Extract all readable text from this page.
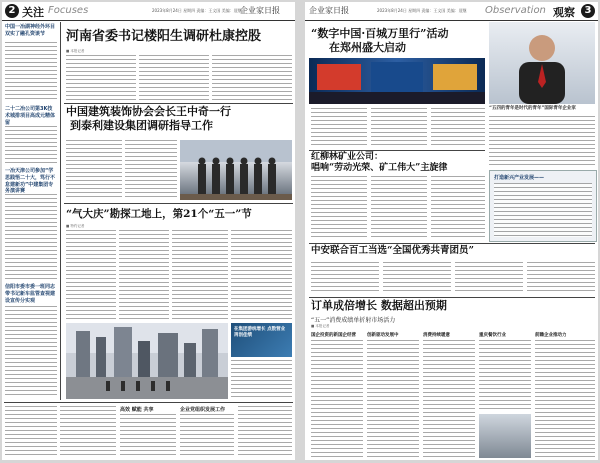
2 关注 Focuses	2023年8月24日 星期四 责编：王文国 美编：聂继
企业家日报
中国一冶湖神经外环目双实了融孔资谈节
二十二冶公司第3K技术城排项目高成元精体留
一冶天津公司参加“学思践悟二十大，笃行不怠建新功”中建集团专务演讲赛
信阳市委市委一班同志带书记新车监管查视建设宣传分实观
河南省委书记楼阳生调研杜康控股
■ 本报记者
中国建筑装饰协会会长王中奇一行
到泰利建设集团调研指导工作
“气大庆”勘探工地上，第21个“五一”节
■ 特约记者
在集团游统增长 点数营业再创佳绩
高效 赋能 共享	企业党组织发展工作
企业家日报	2023年8月24日 星期四 责编：王文国 美编：聂继 Observation 观察 3
“数字中国·百城万里行”活动
在郑州盛大启动
“五四的青年是时代的青年”国际青年企业家
红柳林矿业公司：
唱响“劳动光荣、矿工伟大”主旋律
打造新兴产业发展——
中安联合百工当选“全国优秀共青团员”
订单成倍增长 数据超出预期
“五一”消费成绩单折射市场活力
■ 本报记者
国企投资的新国企经营 创新驱动发展中	消费持续暖意	重庆餐饮行业	前瞻企业推动力
